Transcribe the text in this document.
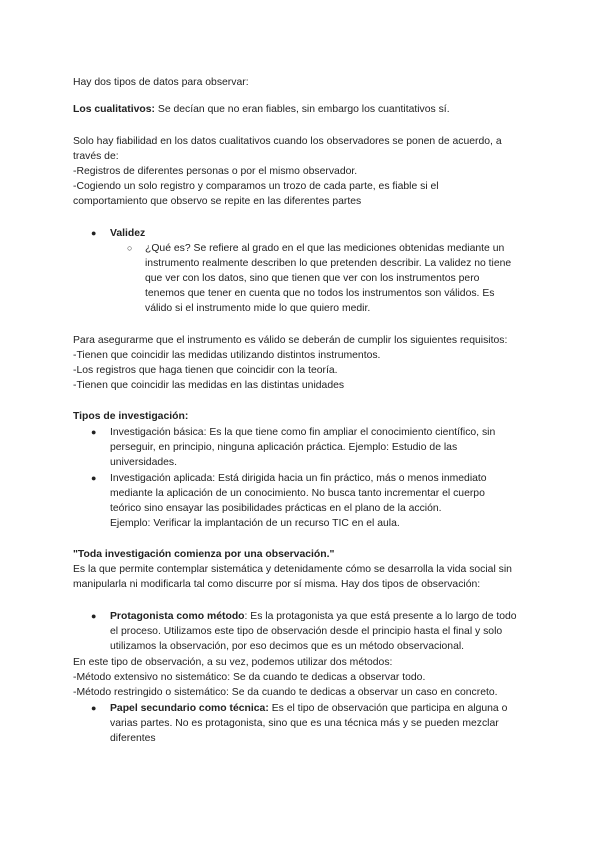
Hay dos tipos de datos para observar:
Los cualitativos: Se decían que no eran fiables, sin embargo los cuantitativos sí.
Solo hay fiabilidad en los datos cualitativos cuando los observadores se ponen de acuerdo, a
través de:
-Registros de diferentes personas o por el mismo observador.
-Cogiendo un solo registro y comparamos un trozo de cada parte, es fiable si el
comportamiento que observo se repite en las diferentes partes
● Validez
○ ¿Qué es? Se refiere al grado en el que las mediciones obtenidas mediante un
instrumento realmente describen lo que pretenden describir. La validez no tiene
que ver con los datos, sino que tienen que ver con los instrumentos pero
tenemos que tener en cuenta que no todos los instrumentos son válidos. Es
válido si el instrumento mide lo que quiero medir.
Para asegurarme que el instrumento es válido se deberán de cumplir los siguientes requisitos:
-Tienen que coincidir las medidas utilizando distintos instrumentos.
-Los registros que haga tienen que coincidir con la teoría.
-Tienen que coincidir las medidas en las distintas unidades
Tipos de investigación:
● Investigación básica: Es la que tiene como fin ampliar el conocimiento científico, sin
perseguir, en principio, ninguna aplicación práctica. Ejemplo: Estudio de las
universidades.
● Investigación aplicada: Está dirigida hacia un fin práctico, más o menos inmediato
mediante la aplicación de un conocimiento. No busca tanto incrementar el cuerpo
teórico sino ensayar las posibilidades prácticas en el plano de la acción.
Ejemplo: Verificar la implantación de un recurso TIC en el aula.
"Toda investigación comienza por una observación."
Es la que permite contemplar sistemática y detenidamente cómo se desarrolla la vida social sin
manipularla ni modificarla tal como discurre por sí misma. Hay dos tipos de observación:
● Protagonista como método: Es la protagonista ya que está presente a lo largo de todo
el proceso. Utilizamos este tipo de observación desde el principio hasta el final y solo
utilizamos la observación, por eso decimos que es un método observacional.
En este tipo de observación, a su vez, podemos utilizar dos métodos:
-Método extensivo no sistemático: Se da cuando te dedicas a observar todo.
-Método restringido o sistemático: Se da cuando te dedicas a observar un caso en concreto.
● Papel secundario como técnica: Es el tipo de observación que participa en alguna o
varias partes. No es protagonista, sino que es una técnica más y se pueden mezclar
diferentes
